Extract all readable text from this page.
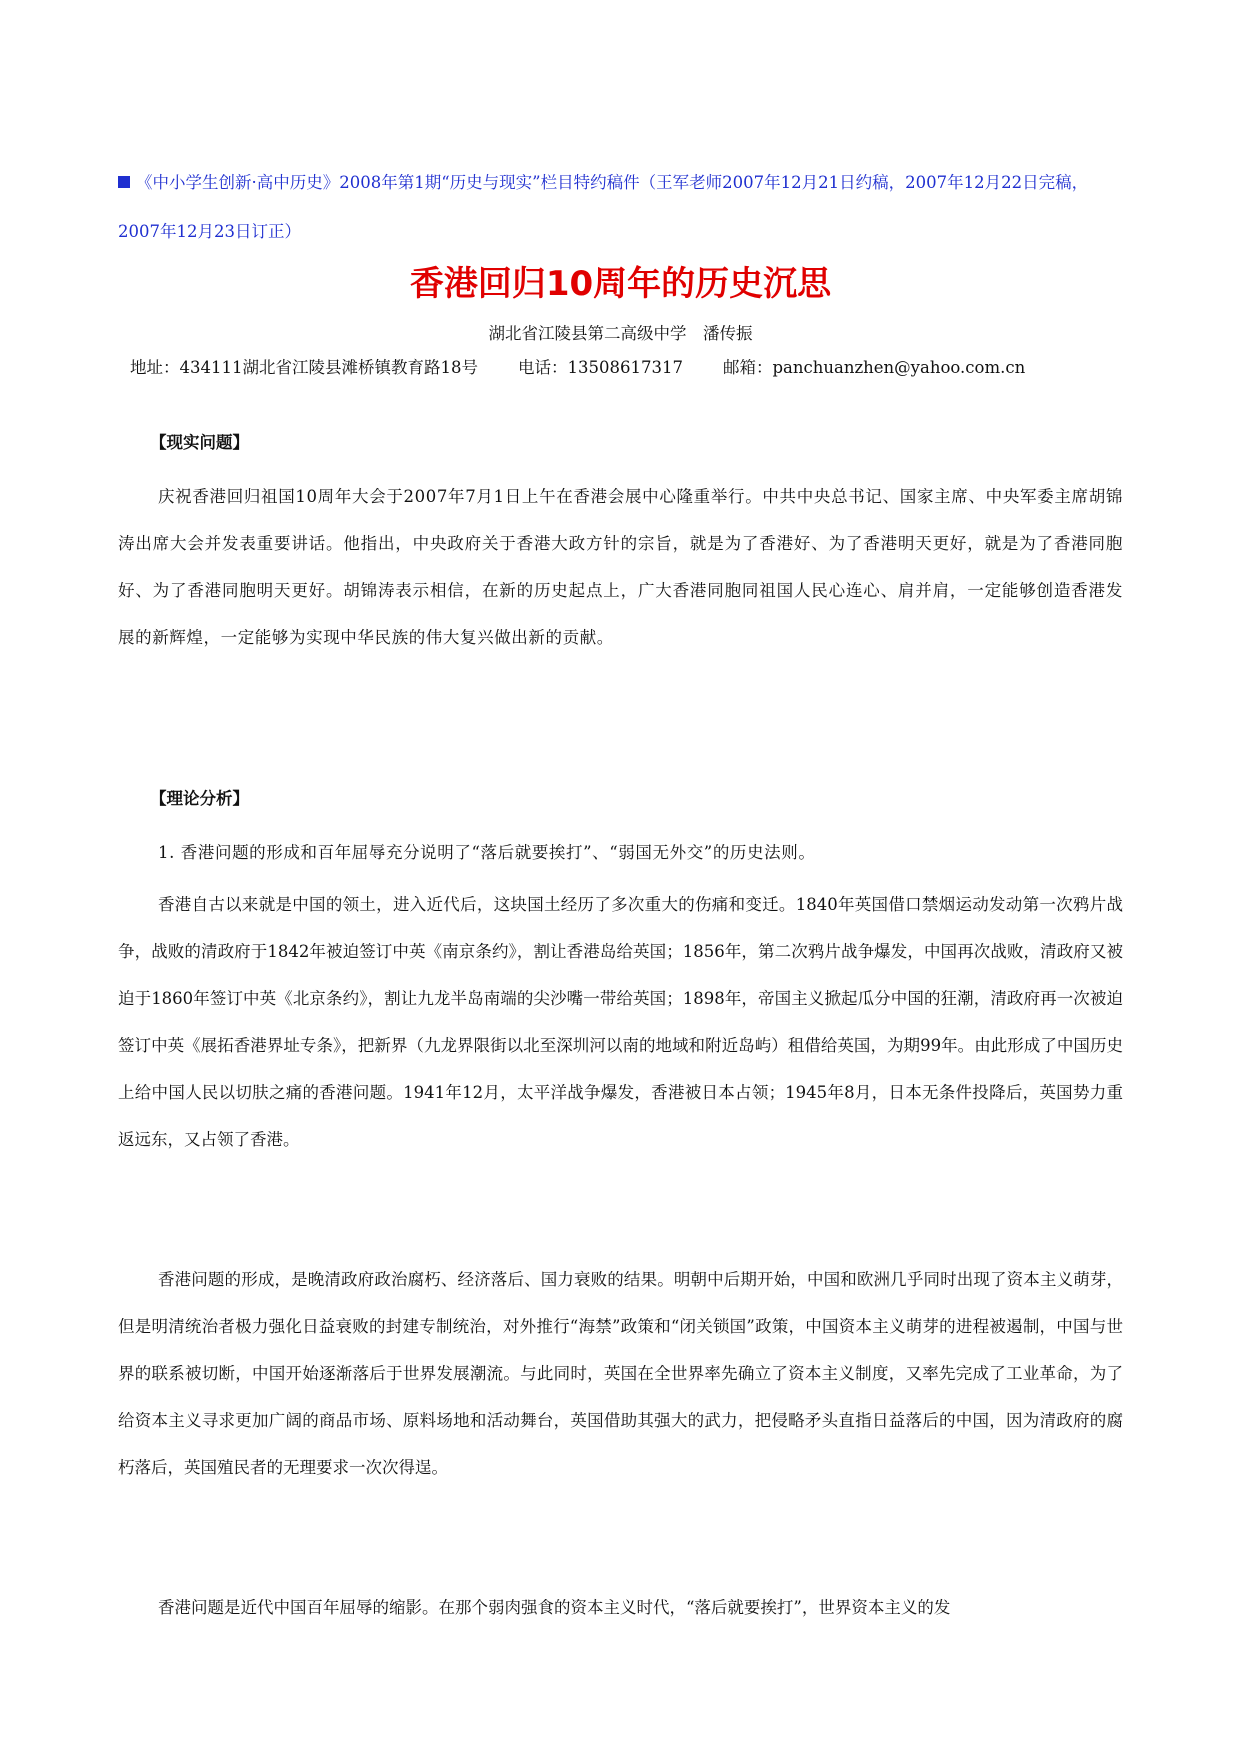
《中小学生创新·高中历史》2008年第1期“历史与现实”栏目特约稿件（王军老师2007年12月21日约稿，2007年12月22日完稿，2007年12月23日订正）
香港回归10周年的历史沉思
湖北省江陵县第二高级中学　潘传振
地址：434111湖北省江陵县滩桥镇教育路18号 电话：13508617317 邮箱：panchuanzhen@yahoo.com.cn
【现实问题】
庆祝香港回归祖国10周年大会于2007年7月1日上午在香港会展中心隆重举行。中共中央总书记、国家主席、中央军委主席胡锦涛出席大会并发表重要讲话。他指出，中央政府关于香港大政方针的宗旨，就是为了香港好、为了香港明天更好，就是为了香港同胞好、为了香港同胞明天更好。胡锦涛表示相信，在新的历史起点上，广大香港同胞同祖国人民心连心、肩并肩，一定能够创造香港发展的新辉煌，一定能够为实现中华民族的伟大复兴做出新的贡献。
【理论分析】
1. 香港问题的形成和百年屈辱充分说明了“落后就要挨打”、“弱国无外交”的历史法则。
香港自古以来就是中国的领土，进入近代后，这块国土经历了多次重大的伤痛和变迁。1840年英国借口禁烟运动发动第一次鸦片战争，战败的清政府于1842年被迫签订中英《南京条约》，割让香港岛给英国；1856年，第二次鸦片战争爆发，中国再次战败，清政府又被迫于1860年签订中英《北京条约》，割让九龙半岛南端的尖沙嘴一带给英国；1898年，帝国主义掀起瓜分中国的狂潮，清政府再一次被迫签订中英《展拓香港界址专条》，把新界（九龙界限街以北至深圳河以南的地域和附近岛屿）租借给英国，为期99年。由此形成了中国历史上给中国人民以切肤之痛的香港问题。1941年12月，太平洋战争爆发，香港被日本占领；1945年8月，日本无条件投降后，英国势力重返远东，又占领了香港。
香港问题的形成，是晚清政府政治腐朽、经济落后、国力衰败的结果。明朝中后期开始，中国和欧洲几乎同时出现了资本主义萌芽，但是明清统治者极力强化日益衰败的封建专制统治，对外推行“海禁”政策和“闭关锁国”政策，中国资本主义萌芽的进程被遏制，中国与世界的联系被切断，中国开始逐渐落后于世界发展潮流。与此同时，英国在全世界率先确立了资本主义制度，又率先完成了工业革命，为了给资本主义寻求更加广阔的商品市场、原料场地和活动舞台，英国借助其强大的武力，把侵略矛头直指日益落后的中国，因为清政府的腐朽落后，英国殖民者的无理要求一次次得逞。
香港问题是近代中国百年屈辱的缩影。在那个弱肉强食的资本主义时代，“落后就要挨打”，世界资本主义的发
